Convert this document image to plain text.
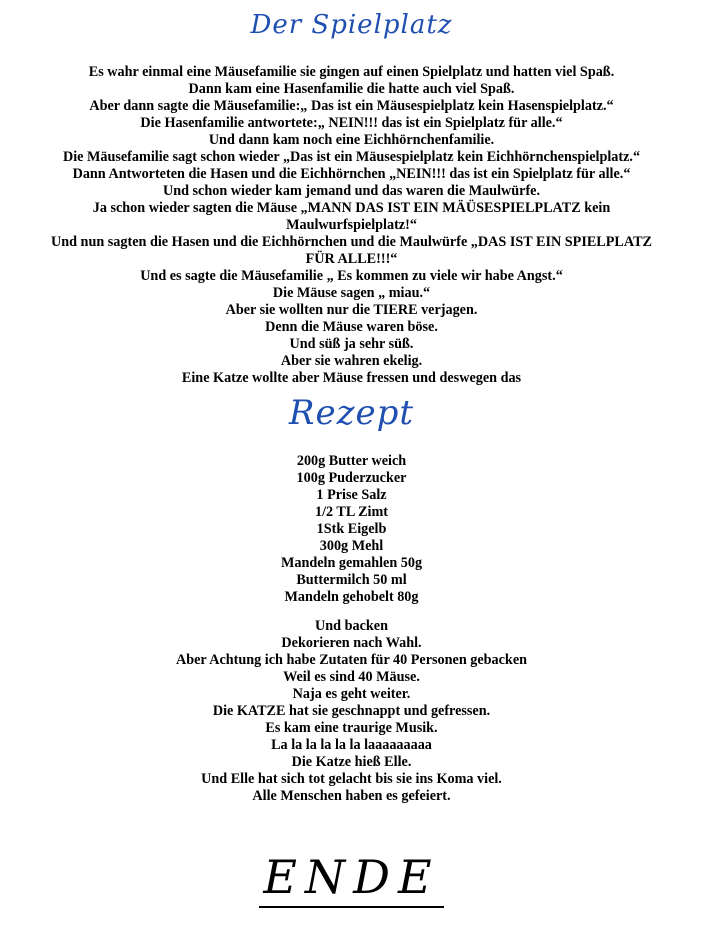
Der Spielplatz

Es wahr einmal eine Mäusefamilie sie gingen auf einen Spielplatz und hatten viel Spaß.

Dann kam eine Hasenfamilie die hatte auch viel Spaß.

Aber dann sagte die Mäusefamilie:„ Das ist ein Mäusespielplatz kein Hasenspielplatz.“

Die Hasenfamilie antwortete:„ NEIN!!! das ist ein Spielplatz für alle.“

Und dann kam noch eine Eichhörnchenfamilie.

Die Mäusefamilie sagt schon wieder „Das ist ein Mäusespielplatz kein Eichhörnchenspielplatz.“

Dann Antworteten die Hasen und die Eichhörnchen „NEIN!!! das ist ein Spielplatz für alle.“

Und schon wieder kam jemand und das waren die Maulwürfe.

Ja schon wieder sagten die Mäuse „MANN DAS IST EIN MÄÜSESPIELPLATZ kein

Maulwurfspielplatz!“

Und nun sagten die Hasen und die Eichhörnchen und die Maulwürfe „DAS IST EIN SPIELPLATZ

FÜR ALLE!!!“

Und es sagte die Mäusefamilie „ Es kommen zu viele wir habe Angst.“

Die Mäuse sagen „ miau.“

Aber sie wollten nur die TIERE verjagen.

Denn die Mäuse waren böse.

Und süß ja sehr süß.

Aber sie wahren ekelig.

Eine Katze wollte aber Mäuse fressen und deswegen das

Rezept

200g Butter weich

100g Puderzucker

1 Prise Salz

1/2 TL Zimt

1Stk Eigelb

300g Mehl

Mandeln gemahlen 50g

Buttermilch 50 ml

Mandeln gehobelt 80g

Und backen

Dekorieren nach Wahl.

Aber Achtung ich habe Zutaten für 40 Personen gebacken

Weil es sind 40 Mäuse.

Naja es geht weiter.

Die KATZE hat sie geschnappt und gefressen.

Es kam eine traurige Musik.

La la la la la la laaaaaaaaa

Die Katze hieß Elle.

Und Elle hat sich tot gelacht bis sie ins Koma viel.

Alle Menschen haben es gefeiert.

ENDE
